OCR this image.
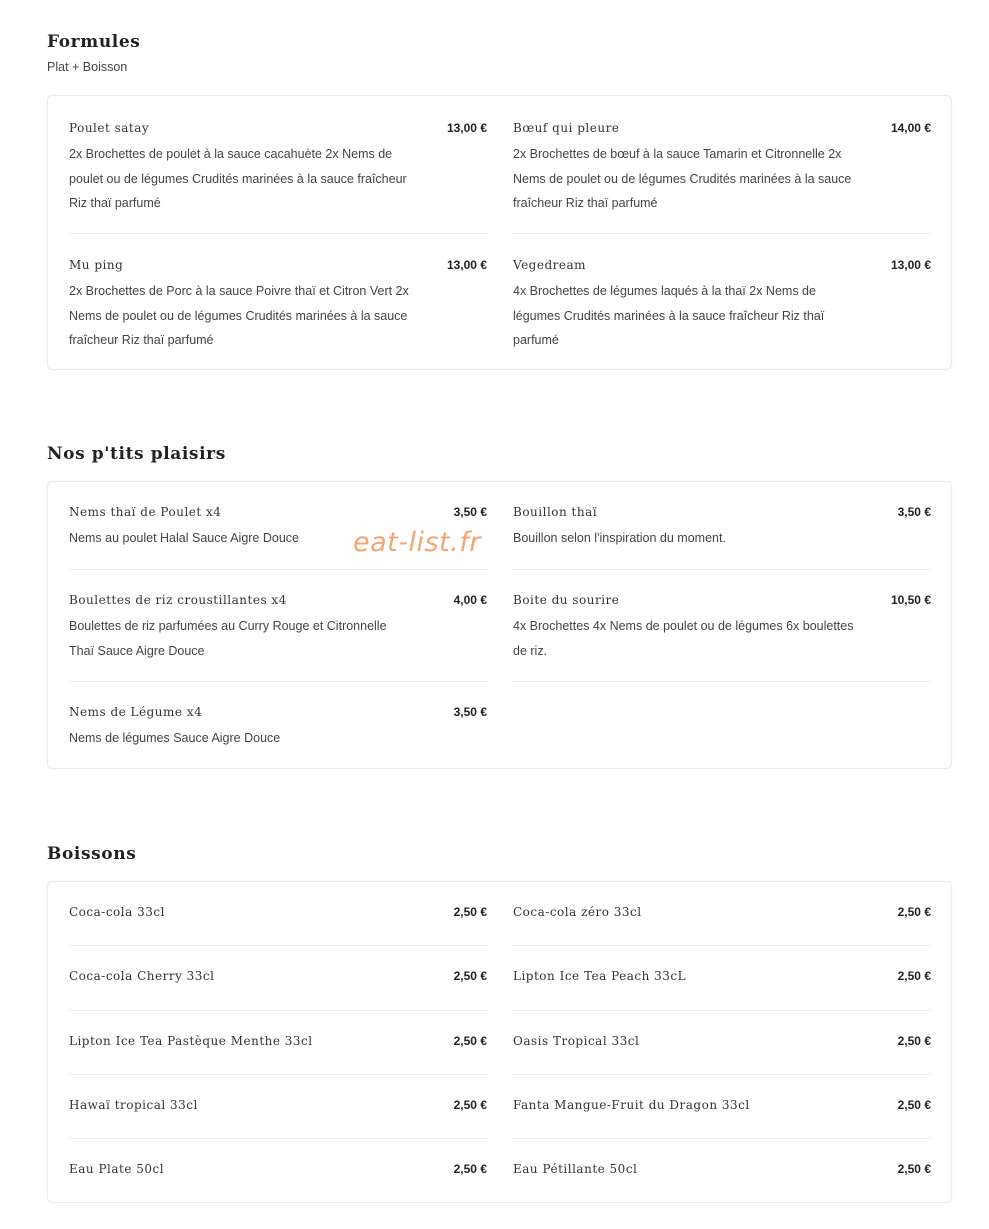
Formules
Plat + Boisson
Poulet satay	13,00 €
2x Brochettes de poulet à la sauce cacahuète 2x Nems de poulet ou de légumes Crudités marinées à la sauce fraîcheur Riz thaï parfumé
Bœuf qui pleure	14,00 €
2x Brochettes de bœuf à la sauce Tamarin et Citronnelle 2x Nems de poulet ou de légumes Crudités marinées à la sauce fraîcheur Riz thaï parfumé
Mu ping	13,00 €
2x Brochettes de Porc à la sauce Poivre thaï et Citron Vert 2x Nems de poulet ou de légumes Crudités marinées à la sauce fraîcheur Riz thaï parfumé
Vegedream	13,00 €
4x Brochettes de légumes laqués à la thaï 2x Nems de légumes Crudités marinées à la sauce fraîcheur Riz thaï parfumé
Nos p'tits plaisirs
Nems thaï de Poulet x4	3,50 €
Nems au poulet Halal Sauce Aigre Douce
Bouillon thaï	3,50 €
Bouillon selon l'inspiration du moment.
Boulettes de riz croustillantes x4	4,00 €
Boulettes de riz parfumées au Curry Rouge et Citronnelle Thaï Sauce Aigre Douce
Boite du sourire	10,50 €
4x Brochettes 4x Nems de poulet ou de légumes 6x boulettes de riz.
Nems de Légume x4	3,50 €
Nems de légumes Sauce Aigre Douce
Boissons
Coca-cola 33cl	2,50 € Coca-cola zéro 33cl	2,50 €
Coca-cola Cherry 33cl	2,50 € Lipton Ice Tea Peach 33cL	2,50 €
Lipton Ice Tea Pastèque Menthe 33cl	2,50 € Oasis Tropical 33cl	2,50 €
Hawaï tropical 33cl	2,50 € Fanta Mangue-Fruit du Dragon 33cl	2,50 €
Eau Plate 50cl	2,50 € Eau Pétillante 50cl	2,50 €
eat-list.fr
